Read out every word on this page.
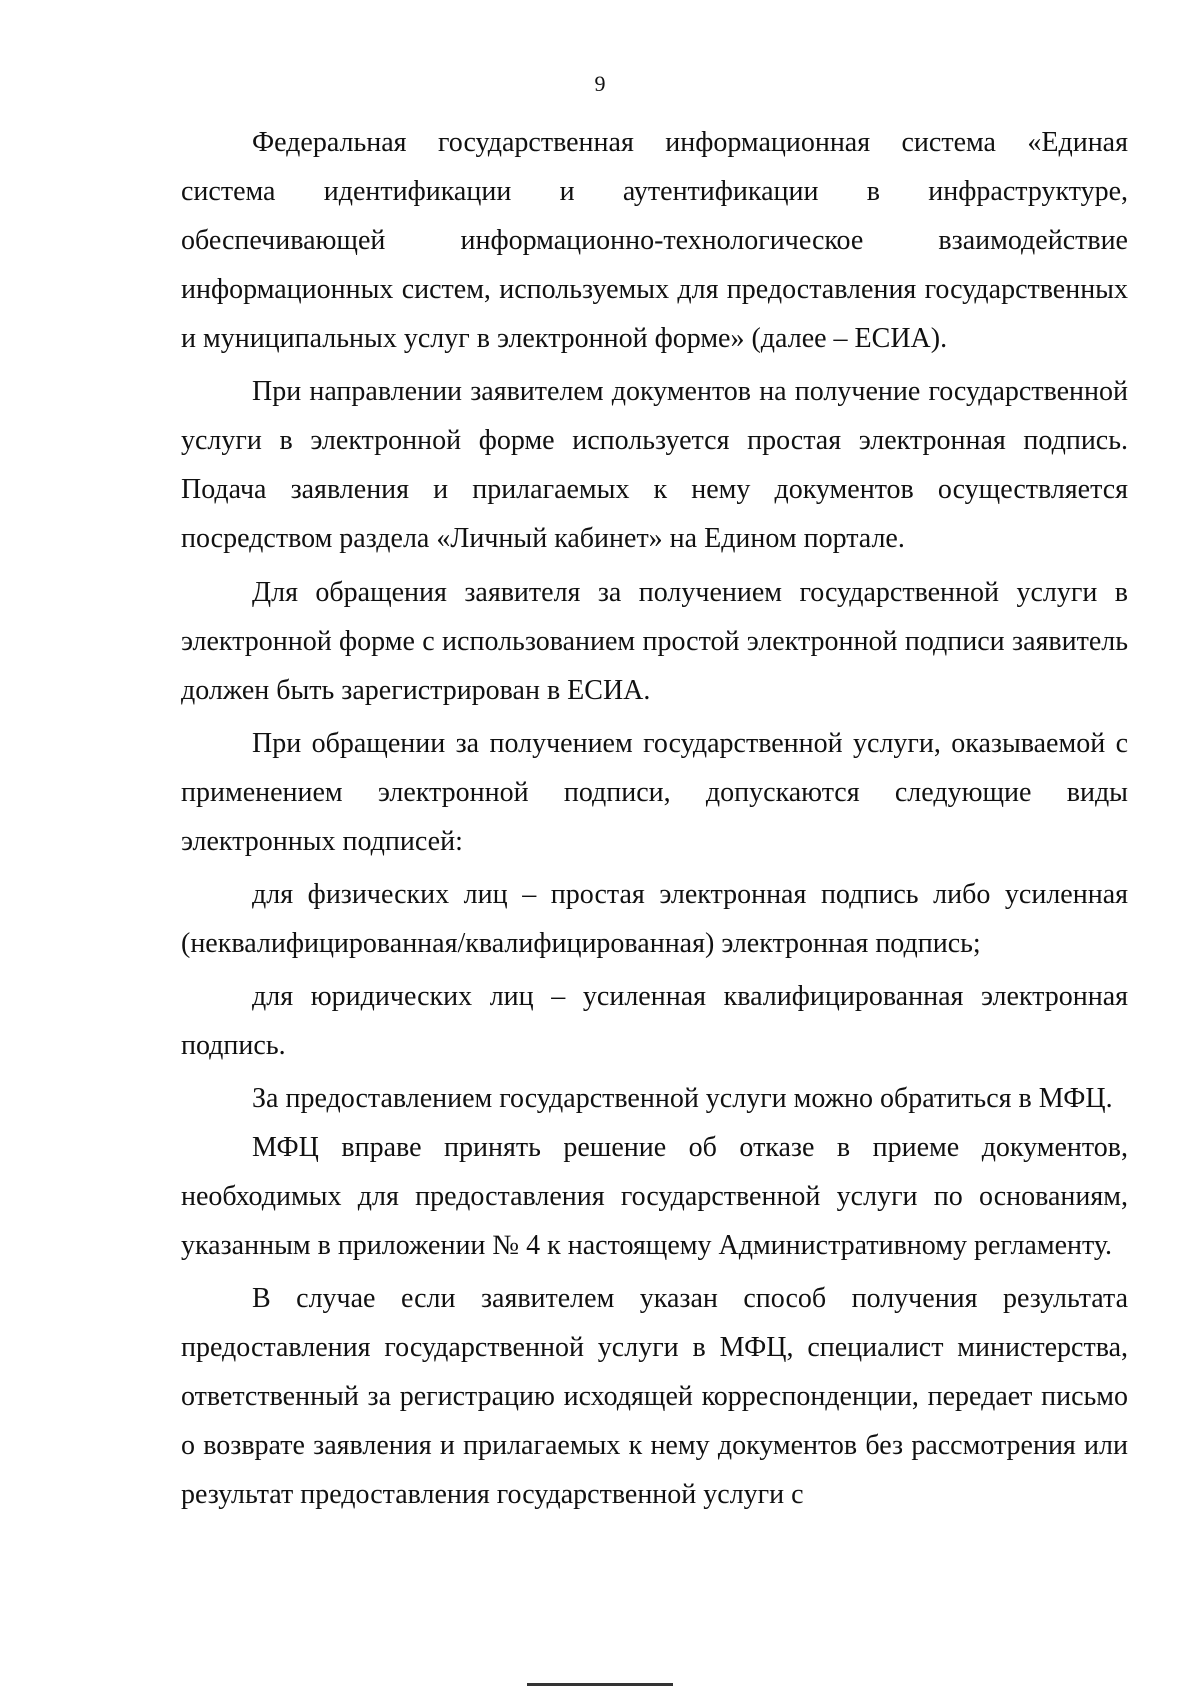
9

Федеральная государственная информационная система «Единая система идентификации и аутентификации в инфраструктуре, обеспечивающей информационно-технологическое взаимодействие информационных систем, используемых для предоставления государственных и муниципальных услуг в электронной форме» (далее – ЕСИА).

При направлении заявителем документов на получение государственной услуги в электронной форме используется простая электронная подпись. Подача заявления и прилагаемых к нему документов осуществляется посредством раздела «Личный кабинет» на Едином портале.

Для обращения заявителя за получением государственной услуги в электронной форме с использованием простой электронной подписи заявитель должен быть зарегистрирован в ЕСИА.

При обращении за получением государственной услуги, оказываемой с применением электронной подписи, допускаются следующие виды электронных подписей:

для физических лиц – простая электронная подпись либо усиленная (неквалифицированная/квалифицированная) электронная подпись;

для юридических лиц – усиленная квалифицированная электронная подпись.

За предоставлением государственной услуги можно обратиться в МФЦ.

МФЦ вправе принять решение об отказе в приеме документов, необходимых для предоставления государственной услуги по основаниям, указанным в приложении № 4 к настоящему Административному регламенту.

В случае если заявителем указан способ получения результата предоставления государственной услуги в МФЦ, специалист министерства, ответственный за регистрацию исходящей корреспонденции, передает письмо о возврате заявления и прилагаемых к нему документов без рассмотрения или результат предоставления государственной услуги с
